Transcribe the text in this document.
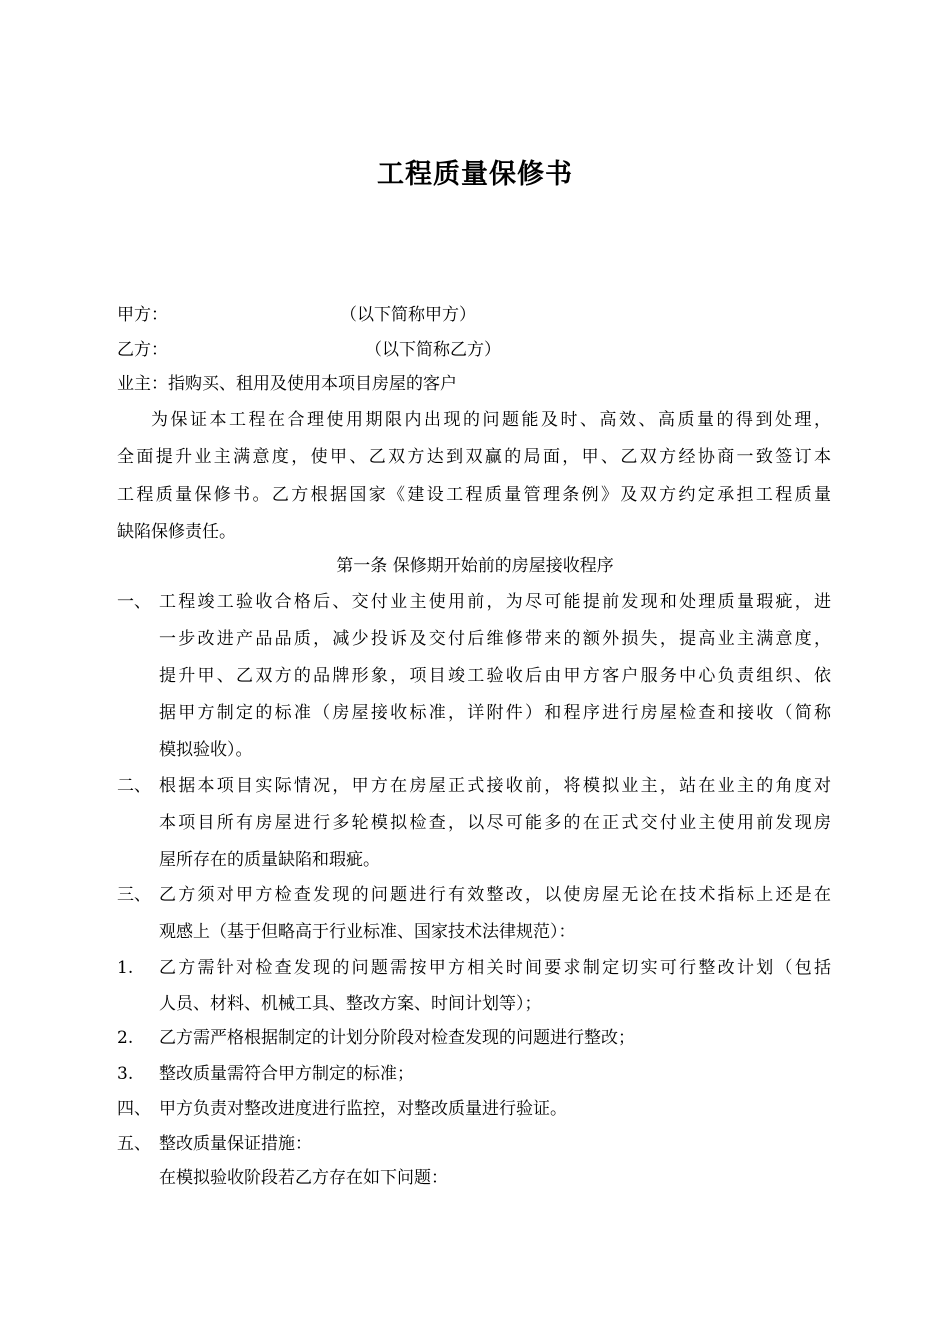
工程质量保修书
甲方：	（以下简称甲方）
乙方：	（以下简称乙方）
业主：指购买、租用及使用本项目房屋的客户
为保证本工程在合理使用期限内出现的问题能及时、高效、高质量的得到处理，
全面提升业主满意度，使甲、乙双方达到双赢的局面，甲、乙双方经协商一致签订本
工程质量保修书。乙方根据国家《建设工程质量管理条例》及双方约定承担工程质量
缺陷保修责任。
第一条 保修期开始前的房屋接收程序
一、 工程竣工验收合格后、交付业主使用前，为尽可能提前发现和处理质量瑕疵，进
一步改进产品品质，减少投诉及交付后维修带来的额外损失，提高业主满意度，
提升甲、乙双方的品牌形象，项目竣工验收后由甲方客户服务中心负责组织、依
据甲方制定的标准（房屋接收标准，详附件）和程序进行房屋检查和接收（简称
模拟验收）。
二、 根据本项目实际情况，甲方在房屋正式接收前，将模拟业主，站在业主的角度对
本项目所有房屋进行多轮模拟检查，以尽可能多的在正式交付业主使用前发现房
屋所存在的质量缺陷和瑕疵。
三、 乙方须对甲方检查发现的问题进行有效整改，以使房屋无论在技术指标上还是在
观感上（基于但略高于行业标准、国家技术法律规范）：
1. 乙方需针对检查发现的问题需按甲方相关时间要求制定切实可行整改计划（包括
人员、材料、机械工具、整改方案、时间计划等）；
2. 乙方需严格根据制定的计划分阶段对检查发现的问题进行整改；
3. 整改质量需符合甲方制定的标准；
四、 甲方负责对整改进度进行监控，对整改质量进行验证。
五、 整改质量保证措施：
在模拟验收阶段若乙方存在如下问题：
